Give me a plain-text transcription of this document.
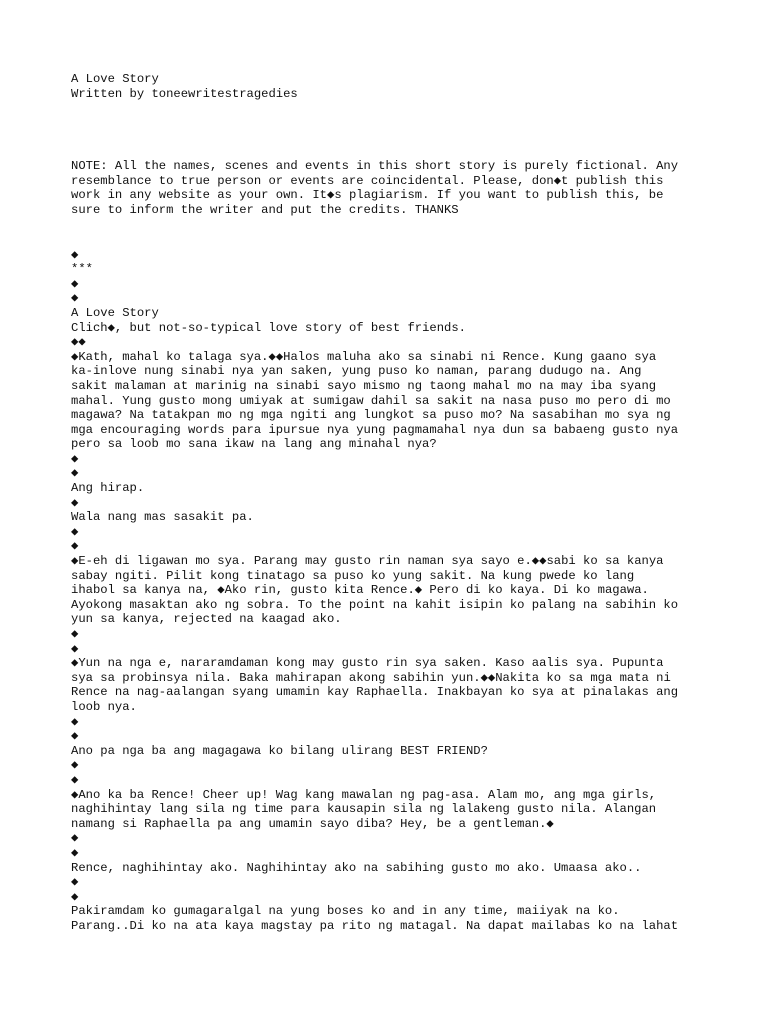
A Love Story
Written by toneewritestragedies
NOTE: All the names, scenes and events in this short story is purely fictional. Any
resemblance to true person or events are coincidental. Please, don◆t publish this
work in any website as your own. It◆s plagiarism. If you want to publish this, be
sure to inform the writer and put the credits. THANKS
◆
***
◆
◆
A Love Story
Clich◆, but not-so-typical love story of best friends.
◆◆
◆Kath, mahal ko talaga sya.◆◆Halos maluha ako sa sinabi ni Rence. Kung gaano sya
ka-inlove nung sinabi nya yan saken, yung puso ko naman, parang dudugo na. Ang
sakit malaman at marinig na sinabi sayo mismo ng taong mahal mo na may iba syang
mahal. Yung gusto mong umiyak at sumigaw dahil sa sakit na nasa puso mo pero di mo
magawa? Na tatakpan mo ng mga ngiti ang lungkot sa puso mo? Na sasabihan mo sya ng
mga encouraging words para ipursue nya yung pagmamahal nya dun sa babaeng gusto nya
pero sa loob mo sana ikaw na lang ang minahal nya?
◆
◆
Ang hirap.
◆
Wala nang mas sasakit pa.
◆
◆
◆E-eh di ligawan mo sya. Parang may gusto rin naman sya sayo e.◆◆sabi ko sa kanya
sabay ngiti. Pilit kong tinatago sa puso ko yung sakit. Na kung pwede ko lang
ihabol sa kanya na, ◆Ako rin, gusto kita Rence.◆ Pero di ko kaya. Di ko magawa.
Ayokong masaktan ako ng sobra. To the point na kahit isipin ko palang na sabihin ko
yun sa kanya, rejected na kaagad ako.
◆
◆
◆Yun na nga e, nararamdaman kong may gusto rin sya saken. Kaso aalis sya. Pupunta
sya sa probinsya nila. Baka mahirapan akong sabihin yun.◆◆Nakita ko sa mga mata ni
Rence na nag-aalangan syang umamin kay Raphaella. Inakbayan ko sya at pinalakas ang
loob nya.
◆
◆
Ano pa nga ba ang magagawa ko bilang ulirang BEST FRIEND?
◆
◆
◆Ano ka ba Rence! Cheer up! Wag kang mawalan ng pag-asa. Alam mo, ang mga girls,
naghihintay lang sila ng time para kausapin sila ng lalakeng gusto nila. Alangan
namang si Raphaella pa ang umamin sayo diba? Hey, be a gentleman.◆
◆
◆
Rence, naghihintay ako. Naghihintay ako na sabihing gusto mo ako. Umaasa ako..
◆
◆
Pakiramdam ko gumagaralgal na yung boses ko and in any time, maiiyak na ko.
Parang..Di ko na ata kaya magstay pa rito ng matagal. Na dapat mailabas ko na lahat
